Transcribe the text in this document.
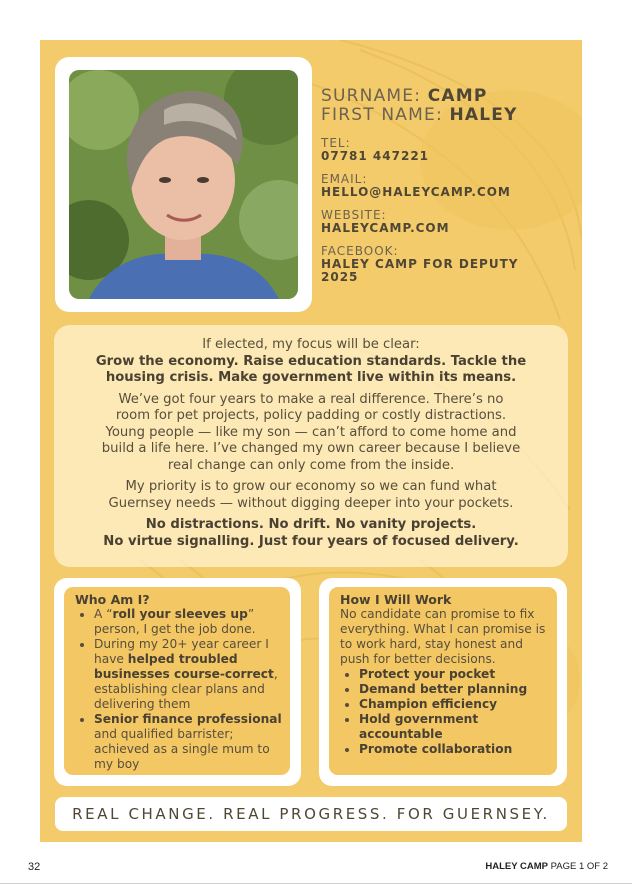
SURNAME: CAMP
FIRST NAME: HALEY
TEL:
07781 447221
EMAIL:
HELLO@HALEYCAMP.COM
WEBSITE:
HALEYCAMP.COM
FACEBOOK:
HALEY CAMP FOR DEPUTY
2025

If elected, my focus will be clear:

Grow the economy. Raise education standards. Tackle the

housing crisis. Make government live within its means.

We’ve got four years to make a real difference. There’s no

room for pet projects, policy padding or costly distractions.

Young people — like my son — can’t afford to come home and

build a life here. I’ve changed my own career because I believe

real change can only come from the inside.

My priority is to grow our economy so we can fund what

Guernsey needs — without digging deeper into your pockets.

No distractions. No drift. No vanity projects.

No virtue signalling. Just four years of focused delivery.

Who Am I?
• A “roll your sleeves up” person, I get the job done.
• During my 20+ year career I have helped troubled businesses course-correct, establishing clear plans and delivering them
• Senior finance professional and qualified barrister; achieved as a single mum to my boy
How I Will Work

No candidate can promise to fix everything. What I can promise is to work hard, stay honest and push for better decisions.

• Protect your pocket
• Demand better planning
• Champion efficiency
• Hold government accountable
• Promote collaboration
REAL CHANGE. REAL PROGRESS. FOR GUERNSEY.
32	HALEY CAMP PAGE 1 OF 2
